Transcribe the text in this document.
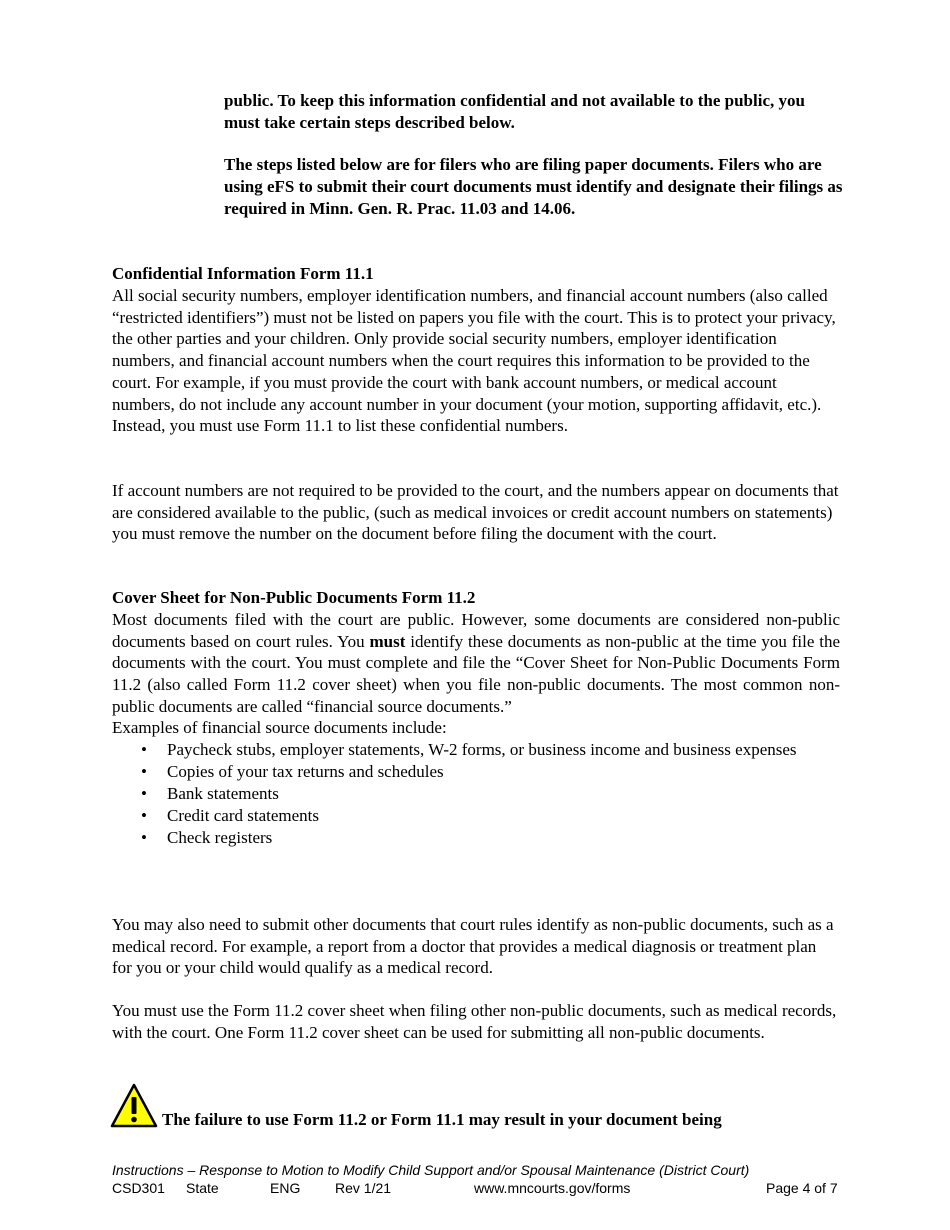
public. To keep this information confidential and not available to the public, you must take certain steps described below.
The steps listed below are for filers who are filing paper documents. Filers who are using eFS to submit their court documents must identify and designate their filings as required in Minn. Gen. R. Prac. 11.03 and 14.06.
Confidential Information Form 11.1
All social security numbers, employer identification numbers, and financial account numbers (also called “restricted identifiers”) must not be listed on papers you file with the court. This is to protect your privacy, the other parties and your children. Only provide social security numbers, employer identification numbers, and financial account numbers when the court requires this information to be provided to the court. For example, if you must provide the court with bank account numbers, or medical account numbers, do not include any account number in your document (your motion, supporting affidavit, etc.). Instead, you must use Form 11.1 to list these confidential numbers.
If account numbers are not required to be provided to the court, and the numbers appear on documents that are considered available to the public, (such as medical invoices or credit account numbers on statements) you must remove the number on the document before filing the document with the court.
Cover Sheet for Non-Public Documents Form 11.2
Most documents filed with the court are public. However, some documents are considered non-public documents based on court rules. You must identify these documents as non-public at the time you file the documents with the court. You must complete and file the “Cover Sheet for Non-Public Documents Form 11.2 (also called Form 11.2 cover sheet) when you file non-public documents. The most common non-public documents are called “financial source documents.”
Examples of financial source documents include:
• Paycheck stubs, employer statements, W-2 forms, or business income and business expenses
• Copies of your tax returns and schedules
• Bank statements
• Credit card statements
• Check registers
You may also need to submit other documents that court rules identify as non-public documents, such as a medical record. For example, a report from a doctor that provides a medical diagnosis or treatment plan for you or your child would qualify as a medical record.
You must use the Form 11.2 cover sheet when filing other non-public documents, such as medical records, with the court. One Form 11.2 cover sheet can be used for submitting all non-public documents.
The failure to use Form 11.2 or Form 11.1 may result in your document being
Instructions – Response to Motion to Modify Child Support and/or Spousal Maintenance (District Court)
CSD301 State	ENG Rev 1/21	www.mncourts.gov/forms	Page 4 of 7
